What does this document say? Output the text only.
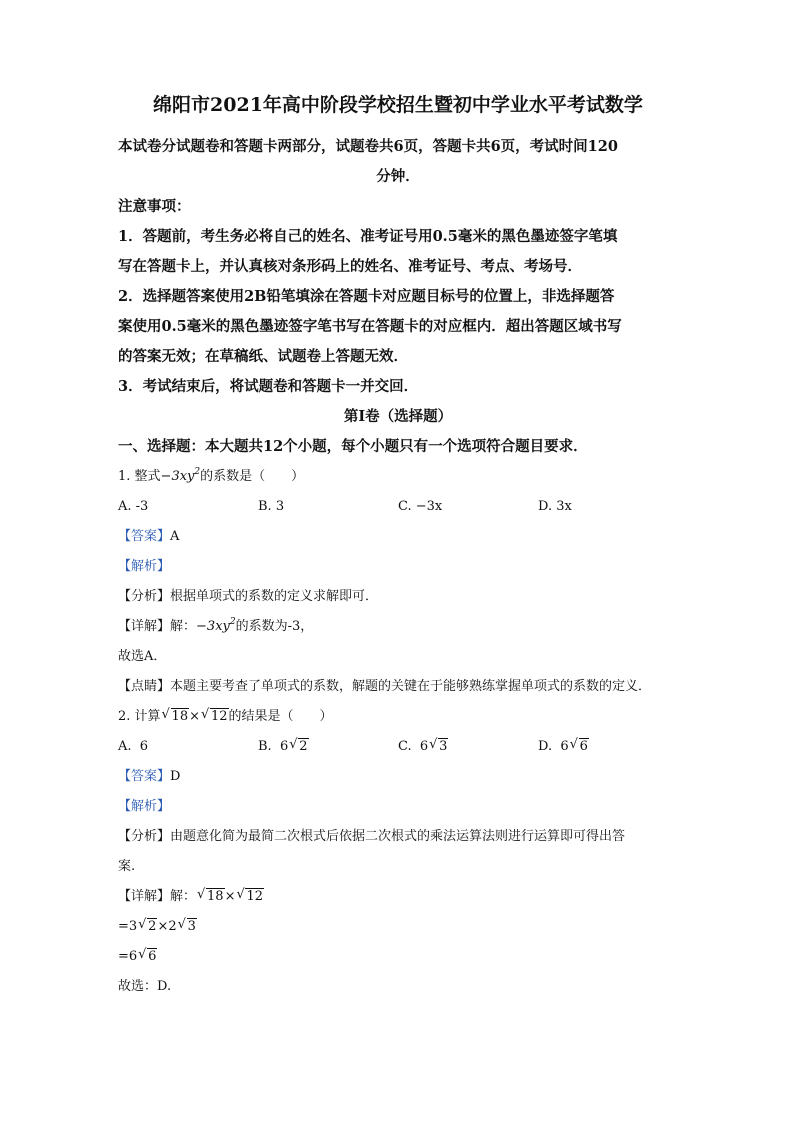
绵阳市2021年高中阶段学校招生暨初中学业水平考试数学

本试卷分试题卷和答题卡两部分，试题卷共6页，答题卡共6页，考试时间120

分钟．

注意事项：

1．答题前，考生务必将自己的姓名、准考证号用0.5毫米的黑色墨迹签字笔填

写在答题卡上，并认真核对条形码上的姓名、准考证号、考点、考场号．

2．选择题答案使用2B铅笔填涂在答题卡对应题目标号的位置上，非选择题答

案使用0.5毫米的黑色墨迹签字笔书写在答题卡的对应框内．超出答题区域书写

的答案无效；在草稿纸、试题卷上答题无效．

3．考试结束后，将试题卷和答题卡一并交回．

第Ⅰ卷（选择题）

一、选择题：本大题共12个小题，每个小题只有一个选项符合题目要求．

1. 整式$-3xy^2$的系数是（　　）

A. -3	B. 3	C. −3x	D. 3x

【答案】A

【解析】

【分析】根据单项式的系数的定义求解即可．

【详解】解：$-3xy^2$的系数为-3，

故选A．

【点睛】本题主要考查了单项式的系数，解题的关键在于能够熟练掌握单项式的系数的定义．

2. 计算 √ 18× √ 12的结果是（　　）

A. 6	B. 6 √ 2	C. 6 √ 3	D. 6 √ 6

【答案】D

【解析】

【分析】由题意化简为最简二次根式后依据二次根式的乘法运算法则进行运算即可得出答

案.

【详解】解： √ 18× √ 12

=3 √ 2×2 √ 3

=6 √ 6

故选：D.
